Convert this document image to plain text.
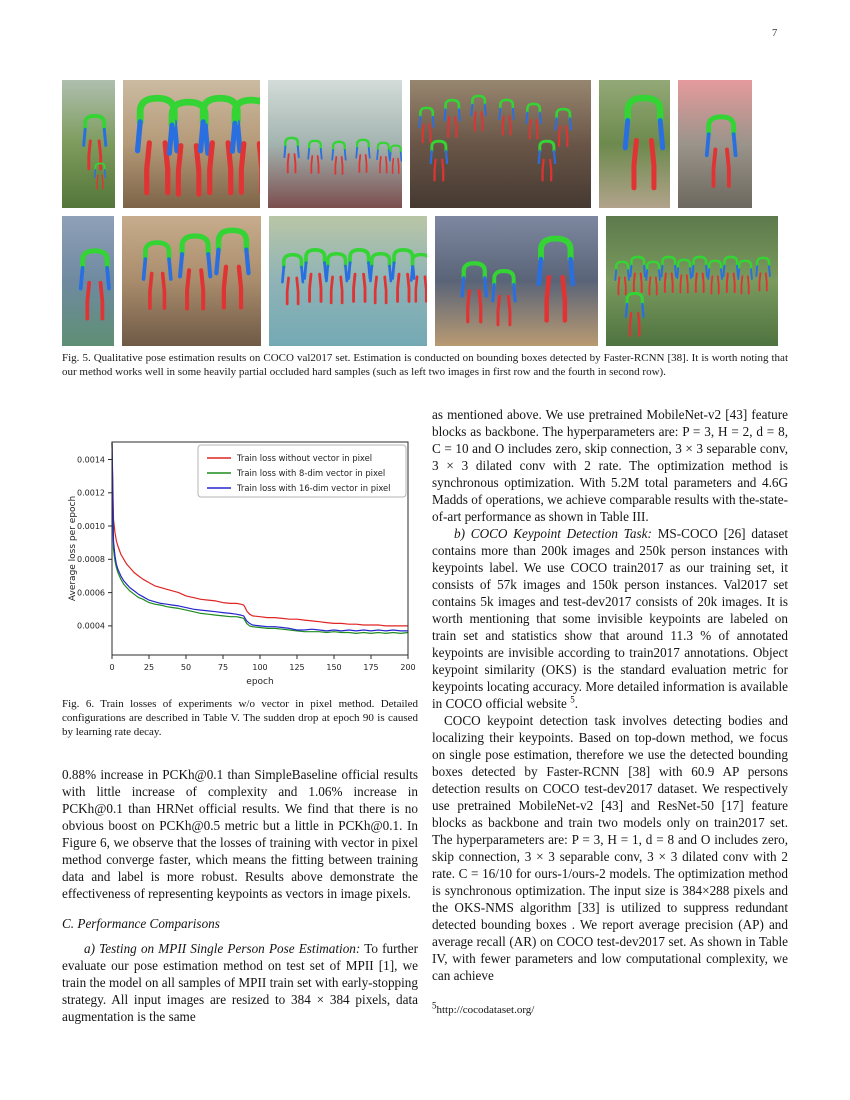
7
Fig. 5. Qualitative pose estimation results on COCO val2017 set. Estimation is conducted on bounding boxes detected by Faster-RCNN [38]. It is worth noting that our method works well in some heavily partial occluded hard samples (such as left two images in first row and the fourth in second row).
0.0004
0.0006
0.0008
0.0010
0.0012
0.0014
0	25	50	75	100	125	150	175	200
epoch
Average loss per epoch
Train loss without vector in pixel
Train loss with 8-dim vector in pixel
Train loss with 16-dim vector in pixel
Fig. 6. Train losses of experiments w/o vector in pixel method. Detailed configurations are described in Table V. The sudden drop at epoch 90 is caused by learning rate decay.

0.88% increase in PCKh@0.1 than SimpleBaseline official results with little increase of complexity and 1.06% increase in PCKh@0.1 than HRNet official results. We find that there is no obvious boost on PCKh@0.5 metric but a little in PCKh@0.1. In Figure 6, we observe that the losses of training with vector in pixel method converge faster, which means the fitting between training data and label is more robust. Results above demonstrate the effectiveness of representing keypoints as vectors in image pixels.

C. Performance Comparisons

a) Testing on MPII Single Person Pose Estimation: To further evaluate our pose estimation method on test set of MPII [1], we train the model on all samples of MPII train set with early-stopping strategy. All input images are resized to 384 × 384 pixels, data augmentation is the same

as mentioned above. We use pretrained MobileNet-v2 [43] feature blocks as backbone. The hyperparameters are: P = 3, H = 2, d = 8, C = 10 and O includes zero, skip connection, 3 × 3 separable conv, 3 × 3 dilated conv with 2 rate. The optimization method is synchronous optimization. With 5.2M total parameters and 4.6G Madds of operations, we achieve comparable results with the-state-of-art performance as shown in Table III.

b) COCO Keypoint Detection Task: MS-COCO [26] dataset contains more than 200k images and 250k person instances with keypoints label. We use COCO train2017 as our training set, it consists of 57k images and 150k person instances. Val2017 set contains 5k images and test-dev2017 consists of 20k images. It is worth mentioning that some invisible keypoints are labeled on train set and statistics show that around 11.3 % of annotated keypoints are invisible according to train2017 annotations. Object keypoint similarity (OKS) is the standard evaluation metric for keypoints locating accuracy. More detailed information is available in COCO official website $^5$.

COCO keypoint detection task involves detecting bodies and localizing their keypoints. Based on top-down method, we focus on single pose estimation, therefore we use the detected bounding boxes detected by Faster-RCNN [38] with 60.9 AP persons detection results on COCO test-dev2017 dataset. We respectively use pretrained MobileNet-v2 [43] and ResNet-50 [17] feature blocks as backbone and train two models only on train2017 set. The hyperparameters are: P = 3, H = 1, d = 8 and O includes zero, skip connection, 3 × 3 separable conv, 3 × 3 dilated conv with 2 rate. C = 16/10 for ours-1/ours-2 models. The optimization method is synchronous optimization. The input size is 384×288 pixels and the OKS-NMS algorithm [33] is utilized to suppress redundant detected bounding boxes . We report average precision (AP) and average recall (AR) on COCO test-dev2017 set. As shown in Table IV, with fewer parameters and low computational complexity, we can achieve

$^5$http://cocodataset.org/
